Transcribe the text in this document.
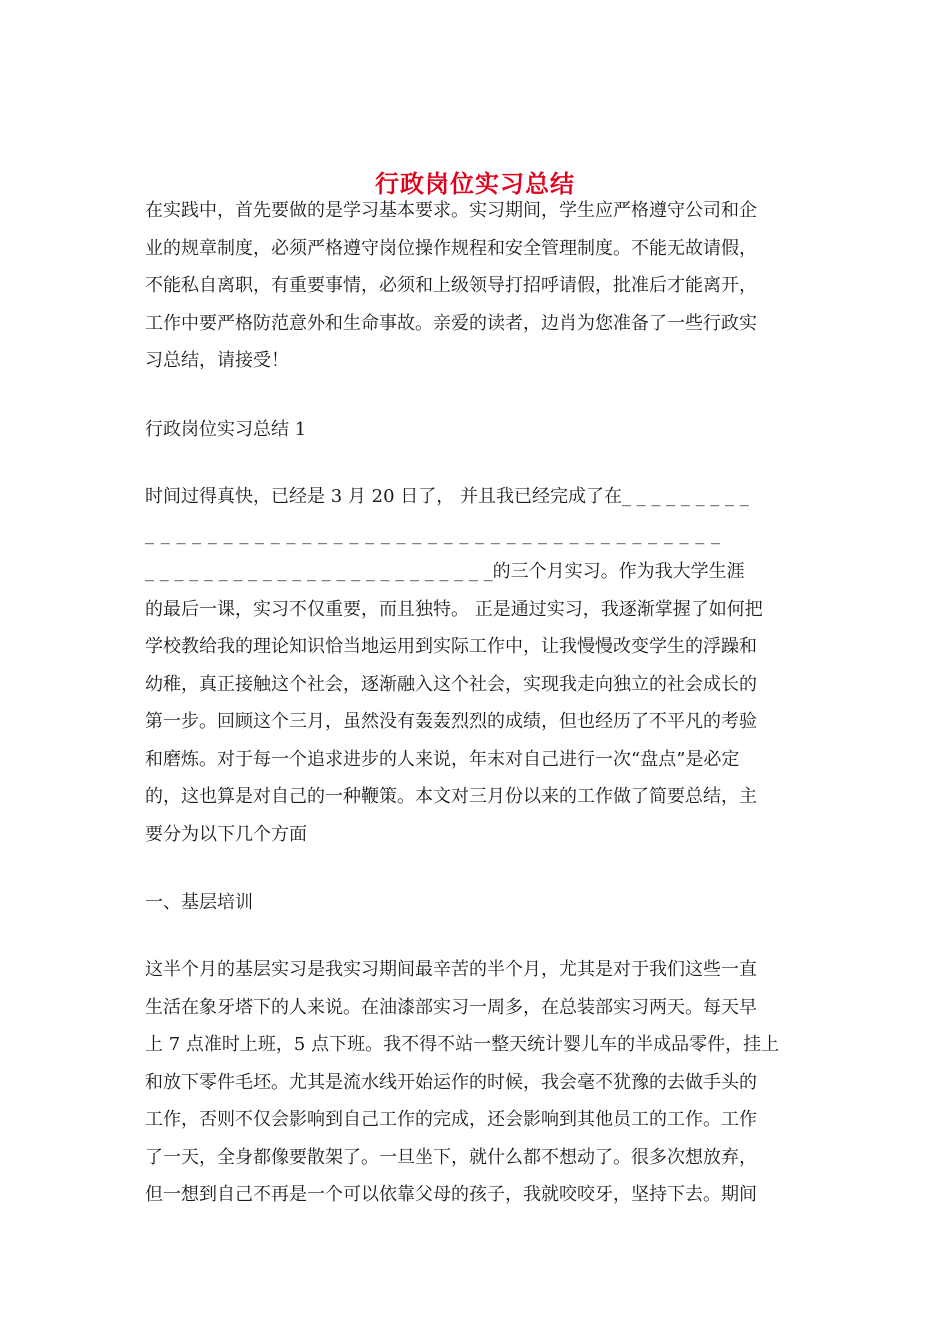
行政岗位实习总结
在实践中，首先要做的是学习基本要求。实习期间，学生应严格遵守公司和企
业的规章制度，必须严格遵守岗位操作规程和安全管理制度。不能无故请假，
不能私自离职，有重要事情，必须和上级领导打招呼请假，批准后才能离开，
工作中要严格防范意外和生命事故。亲爱的读者，边肖为您准备了一些行政实
习总结，请接受！
行政岗位实习总结 1
时间过得真快，已经是 3 月 20 日了， 并且我已经完成了在_ _ _ _ _ _ _ _ _
_ _ _ _ _ _ _ _ _ _ _ _ _ _ _ _ _ _ _ _ _ _ _ _ _ _ _ _ _ _ _ _ _ _ _ _ _
_ _ _ _ _ _ _ _ _ _ _ _ _ _ _ _ _ _ _ _ _ _ _ _的三个月实习。作为我大学生涯
的最后一课，实习不仅重要，而且独特。 正是通过实习，我逐渐掌握了如何把
学校教给我的理论知识恰当地运用到实际工作中，让我慢慢改变学生的浮躁和
幼稚，真正接触这个社会，逐渐融入这个社会，实现我走向独立的社会成长的
第一步。回顾这个三月，虽然没有轰轰烈烈的成绩，但也经历了不平凡的考验
和磨炼。对于每一个追求进步的人来说，年末对自己进行一次“盘点”是必定
的，这也算是对自己的一种鞭策。本文对三月份以来的工作做了简要总结，主
要分为以下几个方面
一、基层培训
这半个月的基层实习是我实习期间最辛苦的半个月，尤其是对于我们这些一直
生活在象牙塔下的人来说。在油漆部实习一周多，在总装部实习两天。每天早
上 7 点准时上班，5 点下班。我不得不站一整天统计婴儿车的半成品零件，挂上
和放下零件毛坯。尤其是流水线开始运作的时候，我会毫不犹豫的去做手头的
工作，否则不仅会影响到自己工作的完成，还会影响到其他员工的工作。工作
了一天，全身都像要散架了。一旦坐下，就什么都不想动了。很多次想放弃，
但一想到自己不再是一个可以依靠父母的孩子，我就咬咬牙，坚持下去。期间
